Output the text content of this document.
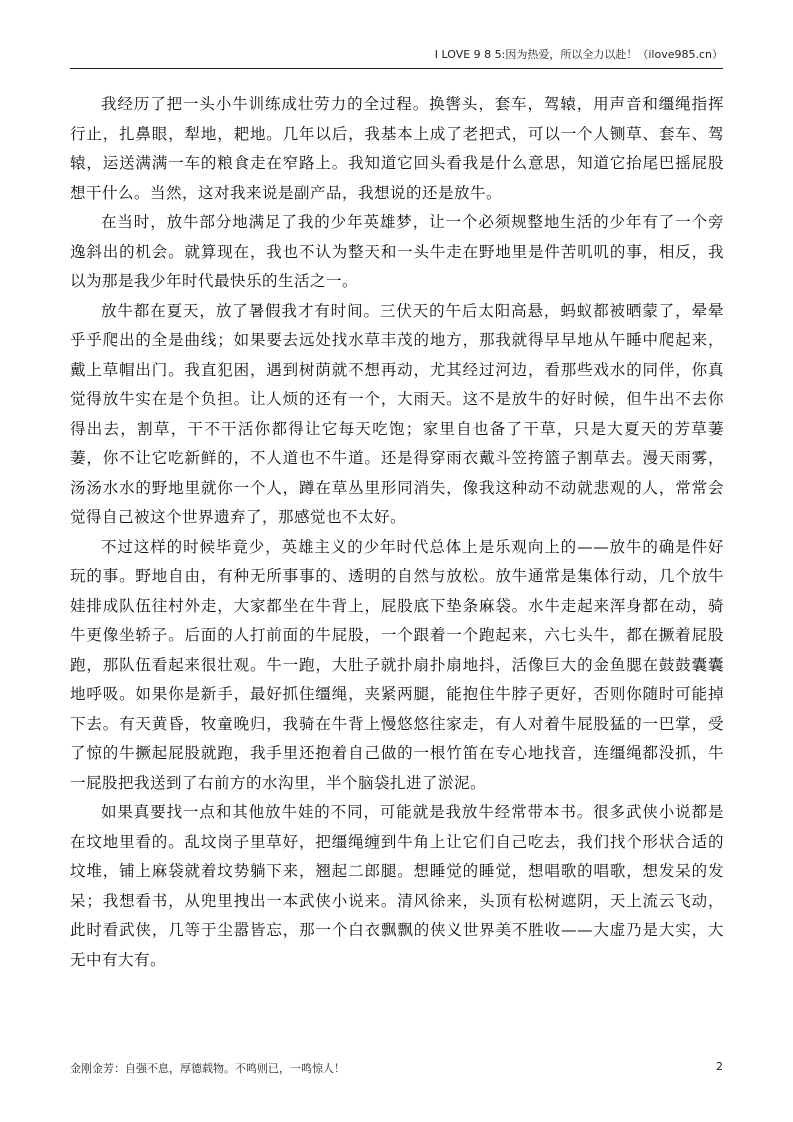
I LOVE 9 8 5:因为热爱，所以全力以赴！（ilove985.cn）

我经历了把一头小牛训练成壮劳力的全过程。换辔头，套车，驾辕，用声音和缰绳指挥行止，扎鼻眼，犁地，耙地。几年以后，我基本上成了老把式，可以一个人铡草、套车、驾辕，运送满满一车的粮食走在窄路上。我知道它回头看我是什么意思，知道它抬尾巴摇屁股想干什么。当然，这对我来说是副产品，我想说的还是放牛。

在当时，放牛部分地满足了我的少年英雄梦，让一个必须规整地生活的少年有了一个旁逸斜出的机会。就算现在，我也不认为整天和一头牛走在野地里是件苦叽叽的事，相反，我以为那是我少年时代最快乐的生活之一。

放牛都在夏天，放了暑假我才有时间。三伏天的午后太阳高悬，蚂蚁都被晒蒙了，晕晕乎乎爬出的全是曲线；如果要去远处找水草丰茂的地方，那我就得早早地从午睡中爬起来，戴上草帽出门。我直犯困，遇到树荫就不想再动，尤其经过河边，看那些戏水的同伴，你真觉得放牛实在是个负担。让人烦的还有一个，大雨天。这不是放牛的好时候，但牛出不去你得出去，割草，干不干活你都得让它每天吃饱；家里自也备了干草，只是大夏天的芳草萋萋，你不让它吃新鲜的，不人道也不牛道。还是得穿雨衣戴斗笠挎篮子割草去。漫天雨雾，汤汤水水的野地里就你一个人，蹲在草丛里形同消失，像我这种动不动就悲观的人，常常会觉得自己被这个世界遗弃了，那感觉也不太好。

不过这样的时候毕竟少，英雄主义的少年时代总体上是乐观向上的——放牛的确是件好玩的事。野地自由，有种无所事事的、透明的自然与放松。放牛通常是集体行动，几个放牛娃排成队伍往村外走，大家都坐在牛背上，屁股底下垫条麻袋。水牛走起来浑身都在动，骑牛更像坐轿子。后面的人打前面的牛屁股，一个跟着一个跑起来，六七头牛，都在撅着屁股跑，那队伍看起来很壮观。牛一跑，大肚子就扑扇扑扇地抖，活像巨大的金鱼腮在鼓鼓囊囊地呼吸。如果你是新手，最好抓住缰绳，夹紧两腿，能抱住牛脖子更好，否则你随时可能掉下去。有天黄昏，牧童晚归，我骑在牛背上慢悠悠往家走，有人对着牛屁股猛的一巴掌，受了惊的牛撅起屁股就跑，我手里还抱着自己做的一根竹笛在专心地找音，连缰绳都没抓，牛一屁股把我送到了右前方的水沟里，半个脑袋扎进了淤泥。

如果真要找一点和其他放牛娃的不同，可能就是我放牛经常带本书。很多武侠小说都是在坟地里看的。乱坟岗子里草好，把缰绳缠到牛角上让它们自己吃去，我们找个形状合适的坟堆，铺上麻袋就着坟势躺下来，翘起二郎腿。想睡觉的睡觉，想唱歌的唱歌，想发呆的发呆；我想看书，从兜里拽出一本武侠小说来。清风徐来，头顶有松树遮阴，天上流云飞动，此时看武侠，几等于尘嚣皆忘，那一个白衣飘飘的侠义世界美不胜收——大虚乃是大实，大无中有大有。

金刚金芳：自强不息，厚德载物。不鸣则已，一鸣惊人！	2
